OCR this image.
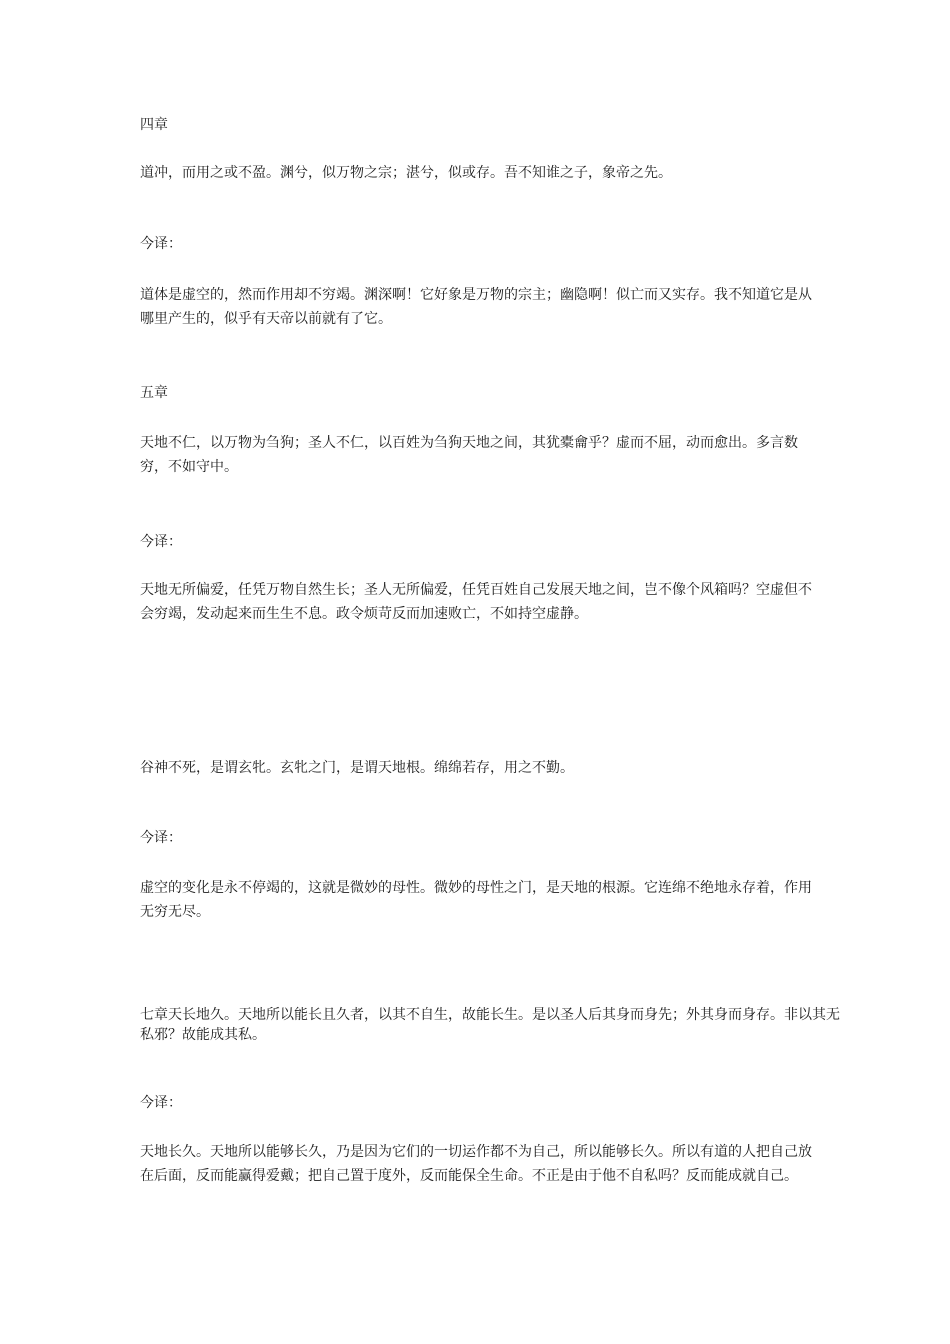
四章

道冲，而用之或不盈。渊兮，似万物之宗；湛兮，似或存。吾不知谁之子，象帝之先。

今译：

道体是虚空的，然而作用却不穷竭。渊深啊！它好象是万物的宗主；幽隐啊！似亡而又实存。我不知道它是从哪里产生的，似乎有天帝以前就有了它。

五章

天地不仁，以万物为刍狗；圣人不仁，以百姓为刍狗天地之间，其犹橐龠乎？虚而不屈，动而愈出。多言数穷，不如守中。

今译：

天地无所偏爱，任凭万物自然生长；圣人无所偏爱，任凭百姓自己发展天地之间，岂不像个风箱吗？空虚但不会穷竭，发动起来而生生不息。政令烦苛反而加速败亡，不如持空虚静。

谷神不死，是谓玄牝。玄牝之门，是谓天地根。绵绵若存，用之不勤。

今译：

虚空的变化是永不停竭的，这就是微妙的母性。微妙的母性之门，是天地的根源。它连绵不绝地永存着，作用无穷无尽。

七章天长地久。天地所以能长且久者，以其不自生，故能长生。是以圣人后其身而身先；外其身而身存。非以其无私邪？故能成其私。

今译：

天地长久。天地所以能够长久，乃是因为它们的一切运作都不为自己，所以能够长久。所以有道的人把自己放在后面，反而能赢得爱戴；把自己置于度外，反而能保全生命。不正是由于他不自私吗？反而能成就自己。
